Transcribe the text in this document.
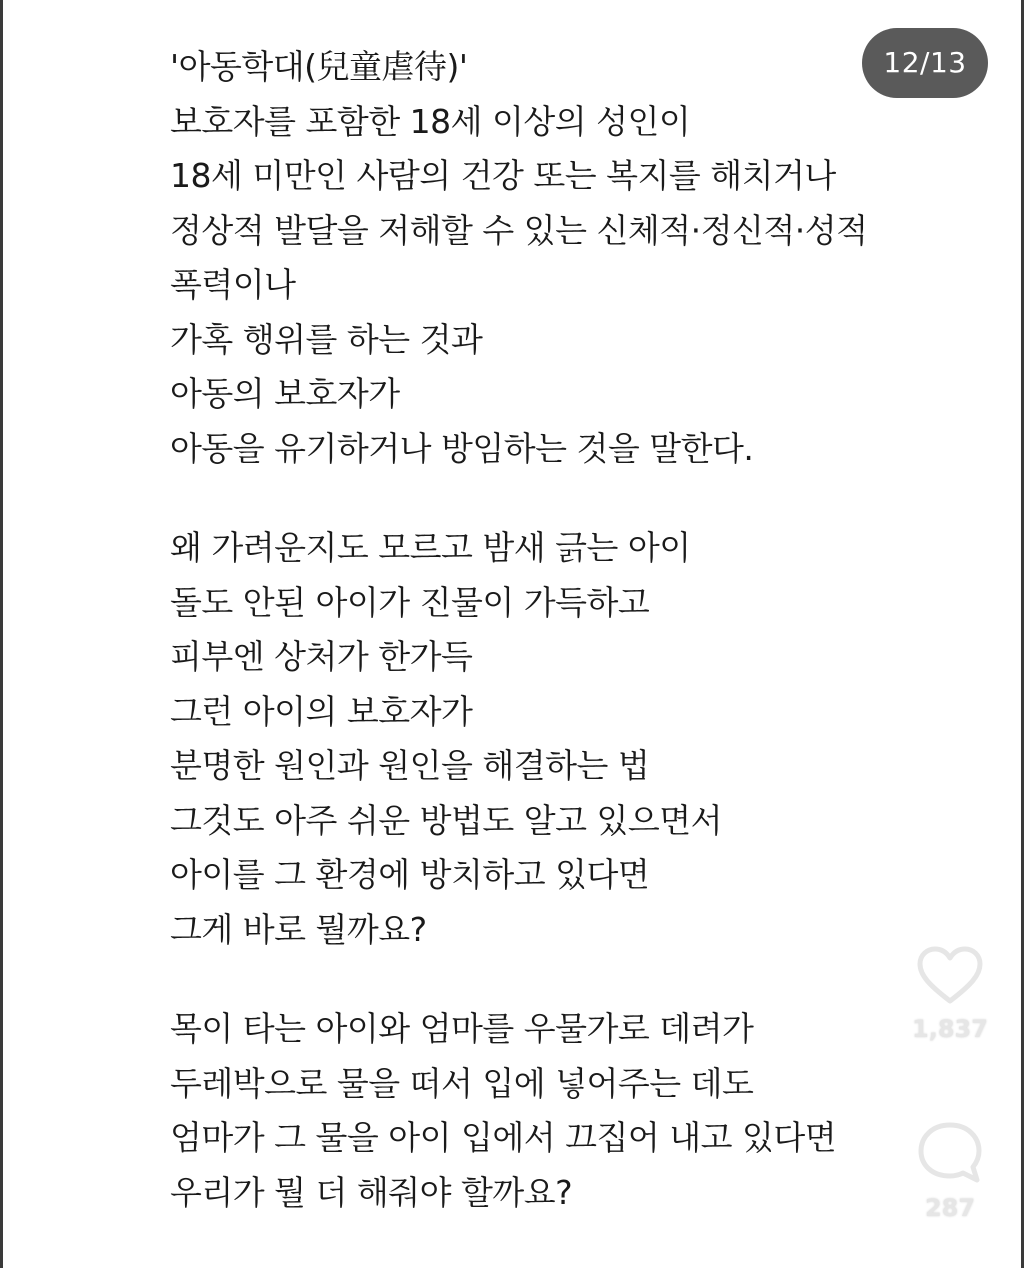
12/13
'아동학대(兒童虐待)'
보호자를 포함한 18세 이상의 성인이
18세 미만인 사람의 건강 또는 복지를 해치거나
정상적 발달을 저해할 수 있는 신체적·정신적·성적
폭력이나
가혹 행위를 하는 것과
아동의 보호자가
아동을 유기하거나 방임하는 것을 말한다.
왜 가려운지도 모르고 밤새 긁는 아이
돌도 안된 아이가 진물이 가득하고
피부엔 상처가 한가득
그런 아이의 보호자가
분명한 원인과 원인을 해결하는 법
그것도 아주 쉬운 방법도 알고 있으면서
아이를 그 환경에 방치하고 있다면
그게 바로 뭘까요?
목이 타는 아이와 엄마를 우물가로 데려가
두레박으로 물을 떠서 입에 넣어주는 데도
엄마가 그 물을 아이 입에서 끄집어 내고 있다면
우리가 뭘 더 해줘야 할까요?
1,837
287
